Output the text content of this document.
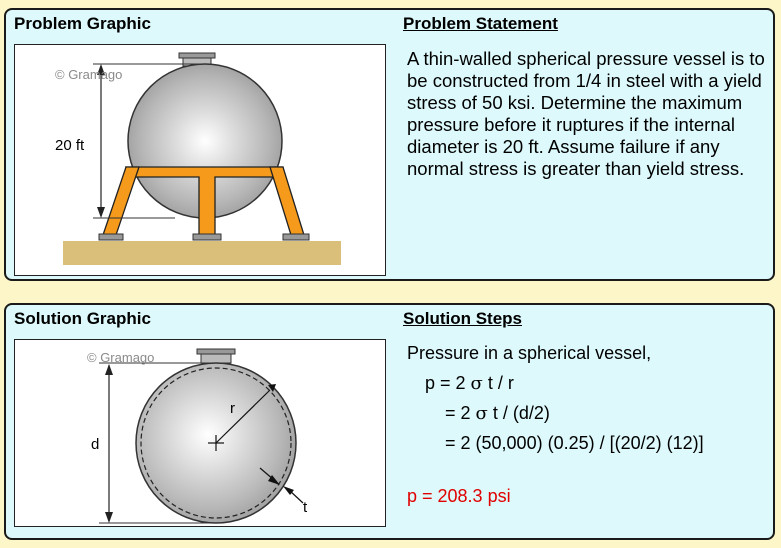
Problem Graphic	Problem Statement
© Gramago
20 ft
A thin-walled spherical pressure vessel is to be constructed from 1/4 in steel with a yield stress of 50 ksi. Determine the maximum pressure before it ruptures if the internal diameter is 20 ft. Assume failure if any normal stress is greater than yield stress.
Solution Graphic	Solution Steps
r
t
d
© Gramago	Pressure in a spherical vessel,
p = 2 σ t / r
= 2 σ t / (d/2)
= 2 (50,000) (0.25) / [(20/2) (12)]
p = 208.3 psi
